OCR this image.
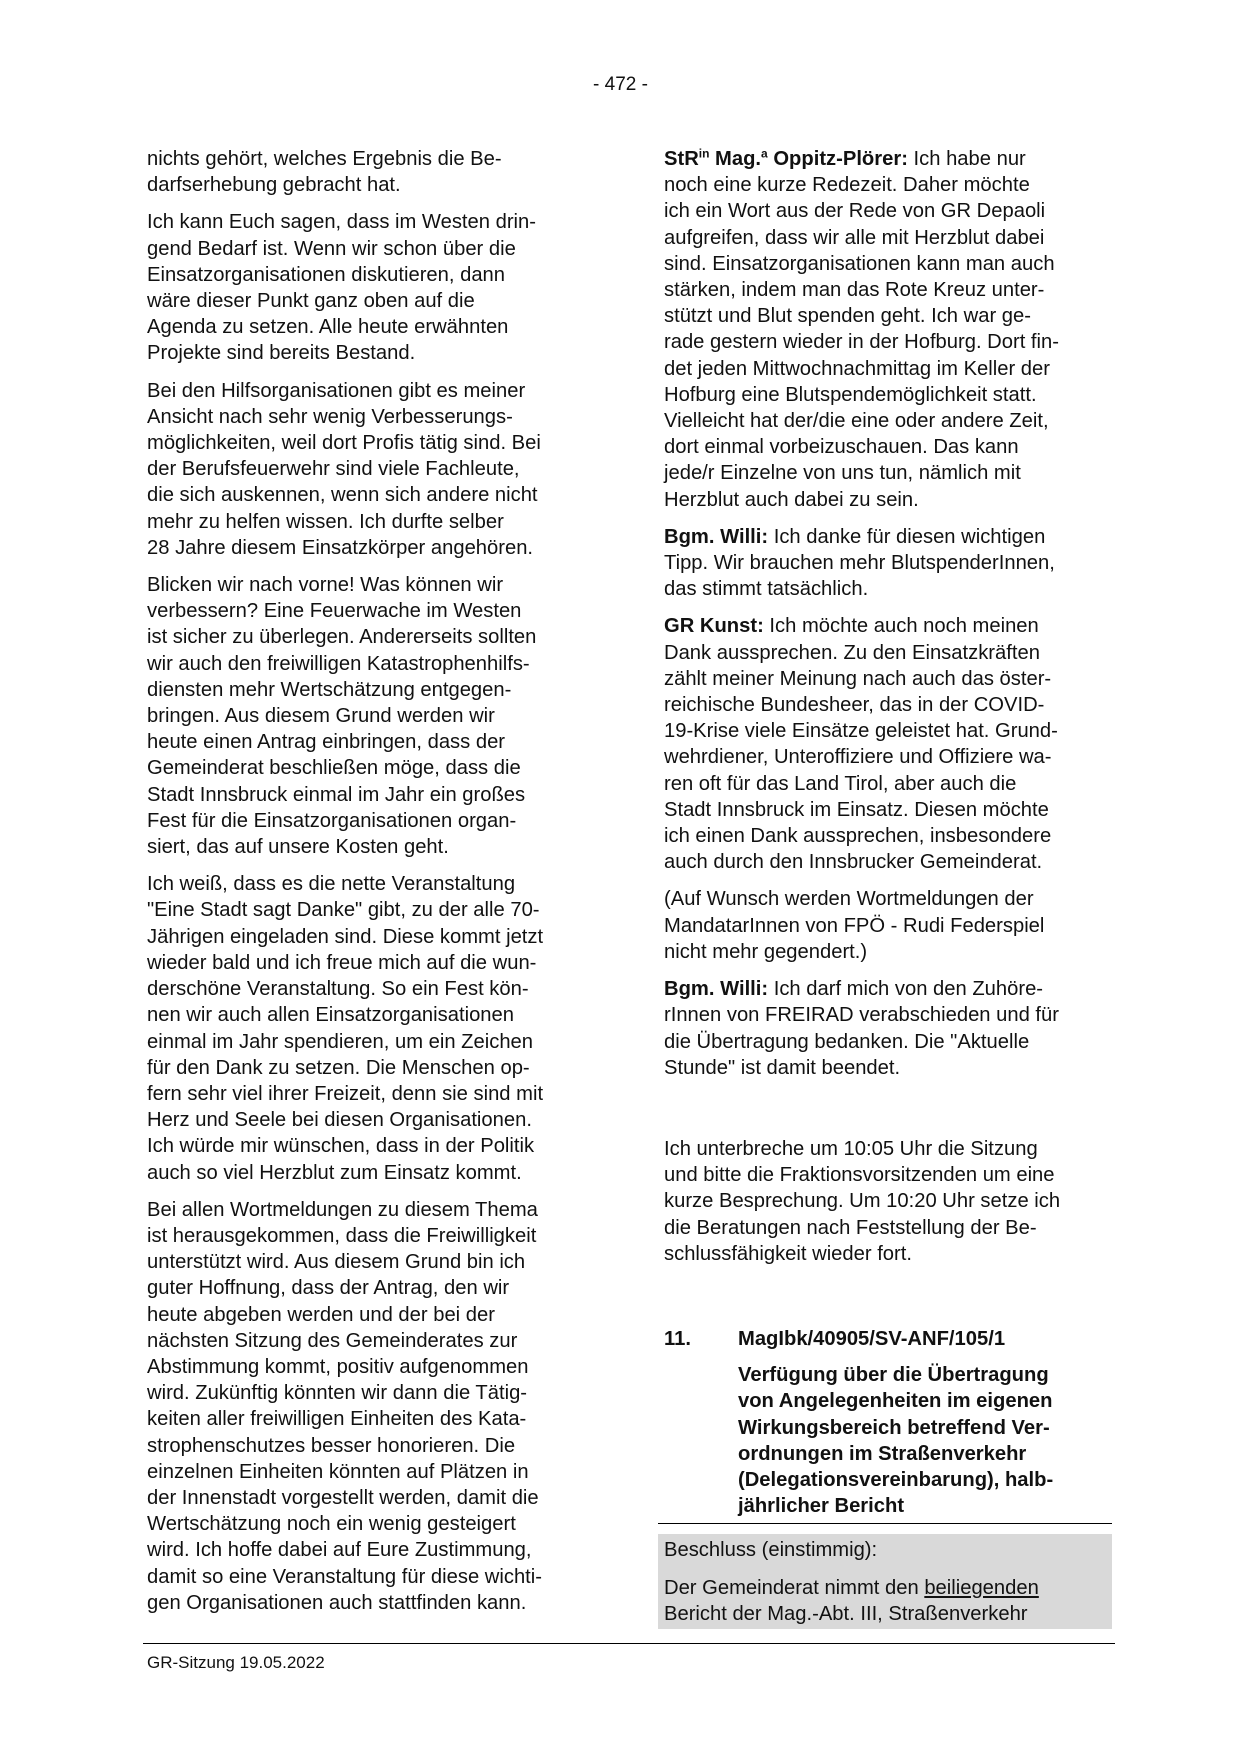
- 472 -

nichts gehört, welches Ergebnis die Be-
darfserhebung gebracht hat.

Ich kann Euch sagen, dass im Westen drin-
gend Bedarf ist. Wenn wir schon über die
Einsatzorganisationen diskutieren, dann
wäre dieser Punkt ganz oben auf die
Agenda zu setzen. Alle heute erwähnten
Projekte sind bereits Bestand.

Bei den Hilfsorganisationen gibt es meiner
Ansicht nach sehr wenig Verbesserungs-
möglichkeiten, weil dort Profis tätig sind. Bei
der Berufsfeuerwehr sind viele Fachleute,
die sich auskennen, wenn sich andere nicht
mehr zu helfen wissen. Ich durfte selber
28 Jahre diesem Einsatzkörper angehören.

Blicken wir nach vorne! Was können wir
verbessern? Eine Feuerwache im Westen
ist sicher zu überlegen. Andererseits sollten
wir auch den freiwilligen Katastrophenhilfs-
diensten mehr Wertschätzung entgegen-
bringen. Aus diesem Grund werden wir
heute einen Antrag einbringen, dass der
Gemeinderat beschließen möge, dass die
Stadt Innsbruck einmal im Jahr ein großes
Fest für die Einsatzorganisationen organ-
siert, das auf unsere Kosten geht.

Ich weiß, dass es die nette Veranstaltung
"Eine Stadt sagt Danke" gibt, zu der alle 70-
Jährigen eingeladen sind. Diese kommt jetzt
wieder bald und ich freue mich auf die wun-
derschöne Veranstaltung. So ein Fest kön-
nen wir auch allen Einsatzorganisationen
einmal im Jahr spendieren, um ein Zeichen
für den Dank zu setzen. Die Menschen op-
fern sehr viel ihrer Freizeit, denn sie sind mit
Herz und Seele bei diesen Organisationen.
Ich würde mir wünschen, dass in der Politik
auch so viel Herzblut zum Einsatz kommt.

Bei allen Wortmeldungen zu diesem Thema
ist herausgekommen, dass die Freiwilligkeit
unterstützt wird. Aus diesem Grund bin ich
guter Hoffnung, dass der Antrag, den wir
heute abgeben werden und der bei der
nächsten Sitzung des Gemeinderates zur
Abstimmung kommt, positiv aufgenommen
wird. Zukünftig könnten wir dann die Tätig-
keiten aller freiwilligen Einheiten des Kata-
strophenschutzes besser honorieren. Die
einzelnen Einheiten könnten auf Plätzen in
der Innenstadt vorgestellt werden, damit die
Wertschätzung noch ein wenig gesteigert
wird. Ich hoffe dabei auf Eure Zustimmung,
damit so eine Veranstaltung für diese wichti-
gen Organisationen auch stattfinden kann.

StR$^{in}$ Mag.$^a$ Oppitz-Plörer: Ich habe nur
noch eine kurze Redezeit. Daher möchte
ich ein Wort aus der Rede von GR Depaoli
aufgreifen, dass wir alle mit Herzblut dabei
sind. Einsatzorganisationen kann man auch
stärken, indem man das Rote Kreuz unter-
stützt und Blut spenden geht. Ich war ge-
rade gestern wieder in der Hofburg. Dort fin-
det jeden Mittwochnachmittag im Keller der
Hofburg eine Blutspendemöglichkeit statt.
Vielleicht hat der/die eine oder andere Zeit,
dort einmal vorbeizuschauen. Das kann
jede/r Einzelne von uns tun, nämlich mit
Herzblut auch dabei zu sein.

Bgm. Willi: Ich danke für diesen wichtigen
Tipp. Wir brauchen mehr BlutspenderInnen,
das stimmt tatsächlich.

GR Kunst: Ich möchte auch noch meinen
Dank aussprechen. Zu den Einsatzkräften
zählt meiner Meinung nach auch das öster-
reichische Bundesheer, das in der COVID-
19-Krise viele Einsätze geleistet hat. Grund-
wehrdiener, Unteroffiziere und Offiziere wa-
ren oft für das Land Tirol, aber auch die
Stadt Innsbruck im Einsatz. Diesen möchte
ich einen Dank aussprechen, insbesondere
auch durch den Innsbrucker Gemeinderat.

(Auf Wunsch werden Wortmeldungen der
MandatarInnen von FPÖ - Rudi Federspiel
nicht mehr gegendert.)

Bgm. Willi: Ich darf mich von den Zuhöre-
rInnen von FREIRAD verabschieden und für
die Übertragung bedanken. Die "Aktuelle
Stunde" ist damit beendet.

Ich unterbreche um 10:05 Uhr die Sitzung
und bitte die Fraktionsvorsitzenden um eine
kurze Besprechung. Um 10:20 Uhr setze ich
die Beratungen nach Feststellung der Be-
schlussfähigkeit wieder fort.

11.	MagIbk/40905/SV-ANF/105/1

Verfügung über die Übertragung
von Angelegenheiten im eigenen
Wirkungsbereich betreffend Ver-
ordnungen im Straßenverkehr
(Delegationsvereinbarung), halb-
jährlicher Bericht

Beschluss (einstimmig):

Der Gemeinderat nimmt den beiliegenden
Bericht der Mag.-Abt. III, Straßenverkehr

GR-Sitzung 19.05.2022
